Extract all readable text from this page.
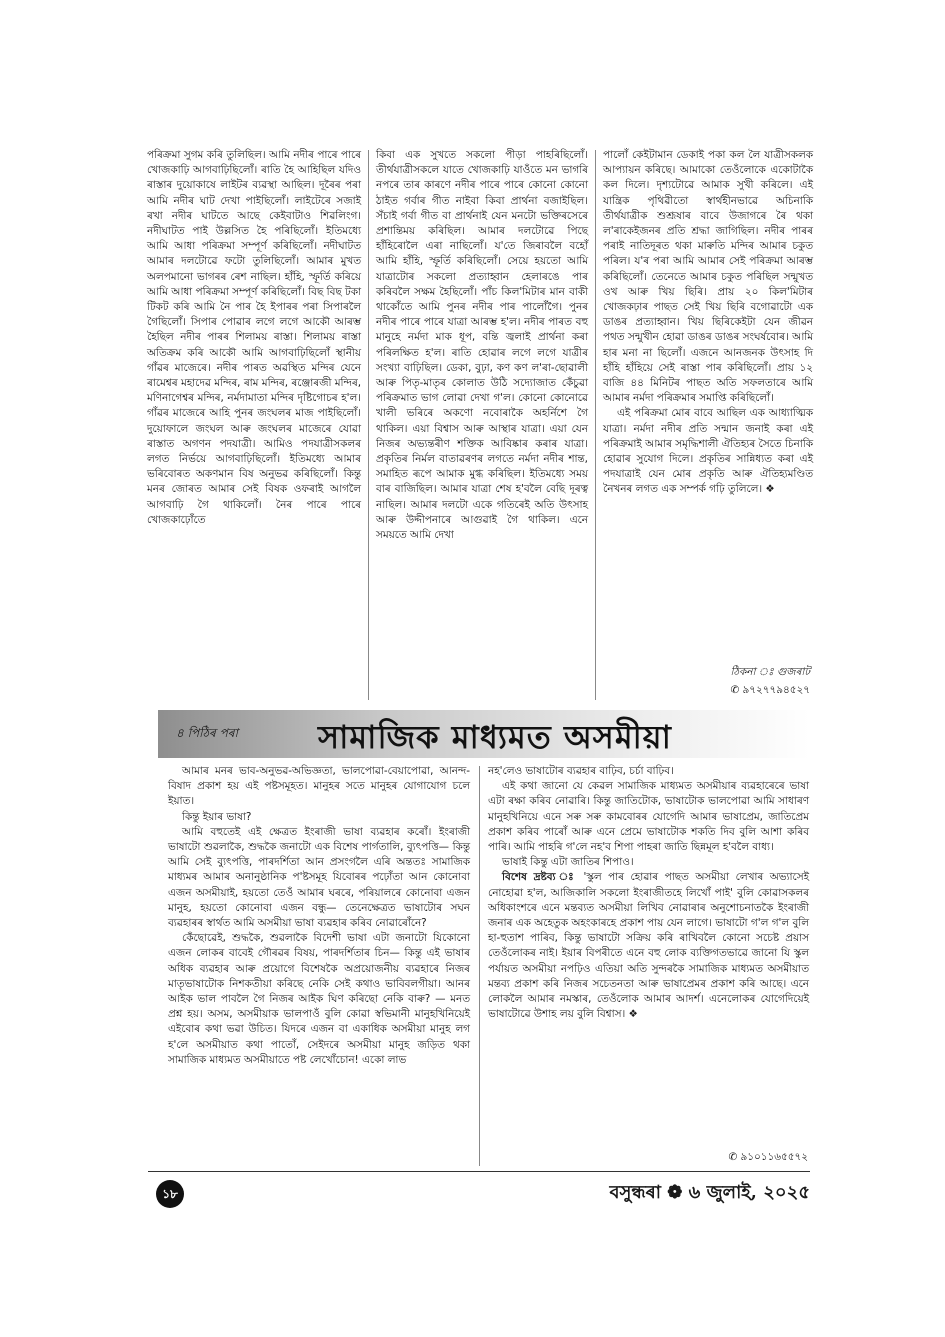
পৰিক্ৰমা সুগম কৰি তুলিছিল। আমি নদীৰ পাৰে পাৰে খোজকাঢ়ি আগবাঢ়িছিলোঁ। ৰাতি হৈ আহিছিল যদিও ৰাস্তাৰ দুয়োকাষে লাইটৰ ব্যৱস্থা আছিল। দূৰৈৰ পৰা আমি নদীৰ ঘাট দেখা পাইছিলোঁ। লাইটেৰে সজাই ৰখা নদীৰ ঘাটতে আছে কেইবাটাও শিৱলিংগ। নদীঘাটত পাই উল্লসিত হৈ পৰিছিলোঁ। ইতিমধ্যে আমি আধা পৰিক্ৰমা সম্পূৰ্ণ কৰিছিলোঁ। নদীঘাটত আমাৰ দলটোৱে ফটো তুলিছিলোঁ। আমাৰ মুখত অলপমানো ভাগৰৰ ৰেশ নাছিল। হাঁহি, স্ফূৰ্তি কৰিয়ে আমি আধা পৰিক্ৰমা সম্পূৰ্ণ কৰিছিলোঁ। বিছ বিছ টকা টিকট কৰি আমি নৈ পাৰ হৈ ইপাৰৰ পৰা সিপাৰলৈ গৈছিলোঁ। সিপাৰ পোৱাৰ লগে লগে আকৌ আৰম্ভ হৈছিল নদীৰ পাৰৰ শিলাময় ৰাস্তা। শিলাময় ৰাস্তা অতিক্ৰম কৰি আকৌ আমি আগবাঢ়িছিলোঁ স্থানীয় গাঁৱৰ মাজেৰে। নদীৰ পাৰত অৱস্থিত মন্দিৰ যেনে ৰামেশ্বৰ মহাদেৱ মন্দিৰ, ৰাম মন্দিৰ, ৰঞ্জোৰজী মন্দিৰ, মণিনাগেশ্বৰ মন্দিৰ, নৰ্মদামাতা মন্দিৰ দৃষ্টিগোচৰ হ'ল। গাঁৱৰ মাজেৰে আহি পুনৰ জংঘলৰ মাজ পাইছিলোঁ। দুয়োফালে জংঘল আৰু জংঘলৰ মাজেৰে যোৱা ৰাস্তাত অগণন পদযাত্ৰী। আমিও পদযাত্ৰীসকলৰ লগত নিৰ্ভয়ে আগবাঢ়িছিলোঁ। ইতিমধ্যে আমাৰ ভৰিবোৰত অকণমান বিষ অনুভৱ কৰিছিলোঁ। কিন্তু মনৰ জোৰত আমাৰ সেই বিষক ওফৰাই আগলৈ আগবাঢ়ি গৈ থাকিলোঁ। নৈৰ পাৰে পাৰে খোজকাঢ়োঁতে

কিবা এক সুখতে সকলো পীড়া পাহৰিছিলোঁ। তীৰ্থযাত্ৰীসকলে যাতে খোজকাঢ়ি যাওঁতে মন ভাগৰি নপৰে তাৰ কাৰণে নদীৰ পাৰে পাৰে কোনো কোনো ঠাইত গৰ্বাৰ গীত নাইবা কিবা প্ৰাৰ্থনা বজাইছিল। সঁচাই গৰ্বা গীত বা প্ৰাৰ্থনাই যেন মনটো ভক্তিৰসেৰে প্ৰশান্তিময় কৰিছিল। আমাৰ দলটোৱে পিছে হাঁহিৰোলৈ এৰা নাছিলোঁ। য'তে জিৰাবলৈ বহোঁ আমি হাঁহি, স্ফূৰ্তি কৰিছিলোঁ। সেয়ে হয়তো আমি যাত্ৰাটোৰ সকলো প্ৰত্যাহ্বান হেলাৰঙে পাৰ কৰিবলৈ সক্ষম হৈছিলোঁ। পাঁচ কিল'মিটাৰ মান বাকী থাকোঁতে আমি পুনৰ নদীৰ পাৰ পালোঁগৈ। পুনৰ নদীৰ পাৰে পাৰে যাত্ৰা আৰম্ভ হ'ল। নদীৰ পাৰত বহু মানুহে নৰ্মদা মাক ধূপ, বন্তি জ্বলাই প্ৰাৰ্থনা কৰা পৰিলক্ষিত হ'ল। ৰাতি হোৱাৰ লগে লগে যাত্ৰীৰ সংখ্যা বাঢ়িছিল। ডেকা, বুঢ়া, কণ কণ ল'ৰা-ছোৱালী আৰু পিতৃ-মাতৃৰ কোলাত উঠি সদ্যোজাত কেঁচুৱা পৰিক্ৰমাত ভাগ লোৱা দেখা গ'ল। কোনো কোনোৱে খালী ভৰিৰে অকণো নবোৰাকৈ অহৰ্নিশে গৈ থাকিল। এয়া বিশ্বাস আৰু আস্থাৰ যাত্ৰা। এয়া যেন নিজৰ অভ্যন্তৰীণ শক্তিক আবিষ্কাৰ কৰাৰ যাত্ৰা। প্ৰকৃতিৰ নিৰ্মল বাতাৱৰণৰ লগতে নৰ্মদা নদীৰ শান্ত, সমাহিত ৰূপে আমাক মুগ্ধ কৰিছিল। ইতিমধ্যে সময় বাৰ বাজিছিল। আমাৰ যাত্ৰা শেষ হ'বলৈ বেছি দূৰত্ব নাছিল। আমাৰ দলটো একে গতিৰেই অতি উৎসাহ আৰু উদ্দীপনাৰে আগুৱাই গৈ থাকিল। এনে সময়তে আমি দেখা

পালোঁ কেইটামান ডেকাই পকা কল লৈ যাত্ৰীসকলক আপ্যায়ন কৰিছে। আমাকো তেওঁলোকে একোটাকৈ কল দিলে। দৃশ্যটোৱে আমাক সুখী কৰিলে। এই যান্ত্ৰিক পৃথিৱীতো স্বাৰ্থহীনভাৱে অচিনাকি তীৰ্থযাত্ৰীক শুশ্ৰূষাৰ বাবে উজাগৰে ৰৈ থকা ল'ৰাকেইজনৰ প্ৰতি শ্ৰদ্ধা জাগিছিল। নদীৰ পাৰৰ পৰাই নাতিদূৰত থকা মাৰুতি মন্দিৰ আমাৰ চকুত পৰিল। য'ৰ পৰা আমি আমাৰ সেই পৰিক্ৰমা আৰম্ভ কৰিছিলোঁ। তেনেতে আমাৰ চকুত পৰিছিল সন্মুখত ওখ আৰু খিয় ছিৰি। প্ৰায় ২০ কিল'মিটাৰ খোজকঢ়াৰ পাছত সেই খিয় ছিৰি বগোৱাটো এক ডাঙৰ প্ৰত্যাহ্বান। খিয় ছিৰিকেইটা যেন জীৱন পথত সন্মুখীন হোৱা ডাঙৰ ডাঙৰ সংঘৰ্ষবোৰ। আমি হাৰ মনা না ছিলোঁ। এজনে আনজনক উৎসাহ দি হাঁহি হাঁহিয়ে সেই ৰাস্তা পাৰ কৰিছিলোঁ। প্ৰায় ১২ বাজি ৪৪ মিনিটৰ পাছত অতি সফলতাৰে আমি আমাৰ নৰ্মদা পৰিক্ৰমাৰ সমাপ্তি কৰিছিলোঁ।

এই পৰিক্ৰমা মোৰ বাবে আছিল এক আধ্যাত্মিক যাত্ৰা। নৰ্মদা নদীৰ প্ৰতি সন্মান জনাই কৰা এই পৰিক্ৰমাই আমাৰ সমৃদ্ধিশালী ঐতিহ্যৰ সৈতে চিনাকি হোৱাৰ সুযোগ দিলে। প্ৰকৃতিৰ সান্নিধ্যত কৰা এই পদযাত্ৰাই যেন মোৰ প্ৰকৃতি আৰু ঐতিহ্যমণ্ডিত নৈখনৰ লগত এক সম্পৰ্ক গঢ়ি তুলিলে। ❖

ঠিকনা ঃ গুজৰাট
✆ ৯৭২৭৭৯৪৫২৭
৪ পিঠিৰ পৰা	সামাজিক মাধ্যমত অসমীয়া

আমাৰ মনৰ ভাব-অনুভৱ-অভিজ্ঞতা, ভালপোৱা-বেয়াপোৱা, আনন্দ-বিষাদ প্ৰকাশ হয় এই পষ্টসমূহত। মানুহৰ সতে মানুহৰ যোগাযোগ চলে ইয়াত।

কিন্তু ইয়াৰ ভাষা?

আমি বহুতেই এই ক্ষেত্ৰত ইংৰাজী ভাষা ব্যৱহাৰ কৰোঁ। ইংৰাজী ভাষাটো শুৱলাকৈ, শুদ্ধকৈ জনাটো এক বিশেষ পাৰ্গতালি, ব্যুৎপত্তি— কিন্তু আমি সেই ব্যুৎপত্তি, পাৰদৰ্শিতা আন প্ৰসংগলৈ এৰি অন্ততঃ সামাজিক মাধ্যমৰ আমাৰ অনানুষ্ঠানিক প'ষ্টসমূহ যিবোৰৰ পঢ়োঁতা আন কোনোবা এজন অসমীয়াই, হয়তো তেওঁ আমাৰ ঘৰৰে, পৰিয়ালৰে কোনোবা এজন মানুহ, হয়তো কোনোবা এজন বন্ধু— তেনেক্ষেত্ৰত ভাষাটোৰ সঘন ব্যৱহাৰৰ স্বাৰ্থত আমি অসমীয়া ভাষা ব্যৱহাৰ কৰিব নোৱাৰোঁনে?

কেঁছোৱেই, শুদ্ধকৈ, শুৱলাকৈ বিদেশী ভাষা এটা জনাটো যিকোনো এজন লোকৰ বাবেই গৌৰৱৰ বিষয়, পাৰদৰ্শিতাৰ চিন— কিন্তু এই ভাষাৰ অধিক ব্যৱহাৰ আৰু প্ৰয়োগে বিশেষকৈ অপ্ৰয়োজনীয় ব্যৱহাৰে নিজৰ মাতৃভাষাটোক নিশকতীয়া কৰিছে নেকি সেই কথাও ভাবিবলগীয়া। আনৰ আইক ভাল পাবলৈ গৈ নিজৰ আইক ঘিণ কৰিছো নেকি বাৰু? — মনত প্ৰশ্ন হয়। অসম, অসমীয়াক ভালপাওঁ বুলি কোৱা স্বভিমানী মানুহখিনিয়েই এইবোৰ কথা ভৱা উচিত। যিদৰে এজন বা একাধিক অসমীয়া মানুহ লগ হ'লে অসমীয়াত কথা পাতোঁ, সেইদৰে অসমীয়া মানুহ জড়িত থকা সামাজিক মাধ্যমত অসমীয়াতে পষ্ট লেখোঁচোন! একো লাভ

নহ'লেও ভাষাটোৰ ব্যৱহাৰ বাঢ়িব, চৰ্চা বাঢ়িব।

এই কথা জানো যে কেৱল সামাজিক মাধ্যমত অসমীয়াৰ ব্যৱহাৰেৰে ভাষা এটা ৰক্ষা কৰিব নোৱাৰি। কিন্তু জাতিটোক, ভাষাটোক ভালপোৱা আমি সাধাৰণ মানুহখিনিয়ে এনে সৰু সৰু কামবোৰৰ যোগেদি আমাৰ ভাষাপ্ৰেম, জাতিপ্ৰেম প্ৰকাশ কৰিব পাৰোঁ আৰু এনে প্ৰেমে ভাষাটোক শকতি দিব বুলি আশা কৰিব পাৰি। আমি পাহৰি গ'লে নহ'ব শিপা পাহৰা জাতি ছিন্নমূল হ'বলৈ বাধ্য।

ভাষাই কিন্তু এটা জাতিৰ শিপাও।

বিশেষ দ্ৰষ্টব্য ঃ 'স্কুল পাৰ হোৱাৰ পাছত অসমীয়া লেখাৰ অভ্যাসেই নোহোৱা হ'ল, আজিকালি সকলো ইংৰাজীতহে লিখোঁ পাই' বুলি কোৱাসকলৰ অধিকাংশৰে এনে মন্তব্যত অসমীয়া লিখিব নোৱাৰাৰ অনুশোচনাতকৈ ইংৰাজী জনাৰ এক অহেতুক অহংকাৰহে প্ৰকাশ পায় যেন লাগে। ভাষাটো গ'ল গ'ল বুলি হা-হুতাশ পাৰিব, কিন্তু ভাষাটো সক্ৰিয় কৰি ৰাখিবলৈ কোনো সচেষ্ট প্ৰয়াস তেওঁলোকৰ নাই। ইয়াৰ বিপৰীতে এনে বহু লোক ব্যক্তিগতভাৱে জানো যি স্কুল পৰ্যায়ত অসমীয়া নপঢ়িও এতিয়া অতি সুন্দৰকৈ সামাজিক মাধ্যমত অসমীয়াত মন্তব্য প্ৰকাশ কৰি নিজৰ সচেতনতা আৰু ভাষাপ্ৰেমৰ প্ৰকাশ কৰি আছে। এনে লোকলৈ আমাৰ নমস্কাৰ, তেওঁলোক আমাৰ আদৰ্শ। এনেলোকৰ যোগেদিয়েই ভাষাটোৱে উশাহ লয় বুলি বিশ্বাস। ❖

✆ ৯১০১১৬৫৫৭২
১৮	বসুন্ধৰা ❁ ৬ জুলাই, ২০২৫
